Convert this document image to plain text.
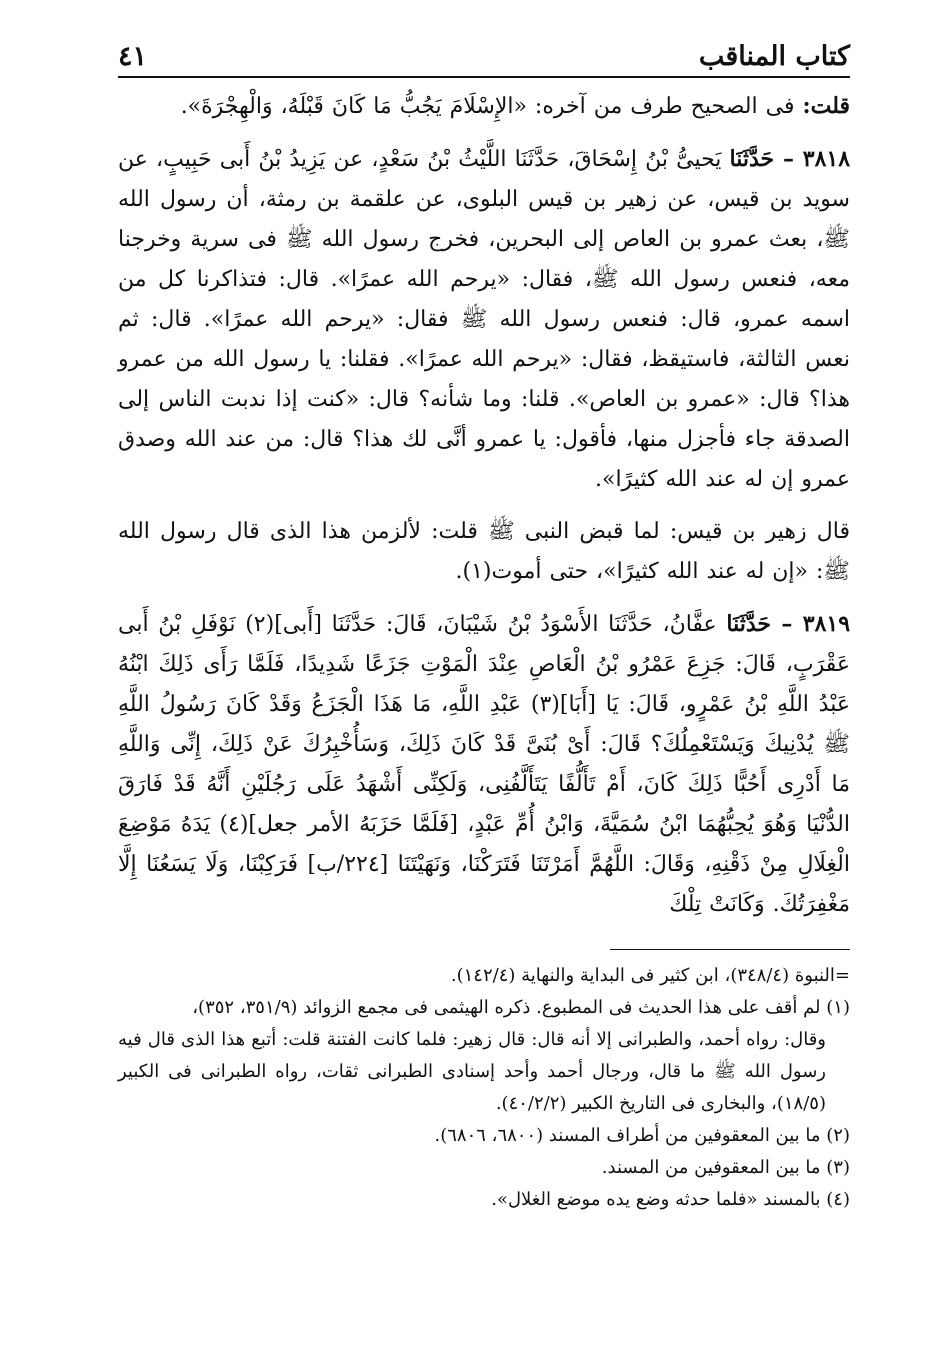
كتاب المناقب
٤١

قلت: فى الصحيح طرف من آخره: «الإِسْلَامَ يَجُبُّ مَا كَانَ قَبْلَهُ، وَالْهِجْرَةَ».

٣٨١٨ – حَدَّثَنَا يَحيىُّ بْنُ إِسْحَاقَ، حَدَّثَنَا اللَّيْثُ بْنُ سَعْدٍ، عن يَزِيدُ بْنُ أَبى حَبِيبٍ، عن سويد بن قيس، عن زهير بن قيس البلوى، عن علقمة بن رمثة، أن رسول الله ﷺ، بعث عمرو بن العاص إلى البحرين، فخرج رسول الله ﷺ فى سرية وخرجنا معه، فنعس رسول الله ﷺ، فقال: «يرحم الله عمرًا». قال: فتذاكرنا كل من اسمه عمرو، قال: فنعس رسول الله ﷺ فقال: «يرحم الله عمرًا». قال: ثم نعس الثالثة، فاستيقظ، فقال: «يرحم الله عمرًا». فقلنا: يا رسول الله من عمرو هذا؟ قال: «عمرو بن العاص». قلنا: وما شأنه؟ قال: «كنت إذا ندبت الناس إلى الصدقة جاء فأجزل منها، فأقول: يا عمرو أنَّى لك هذا؟ قال: من عند الله وصدق عمرو إن له عند الله كثيرًا».

قال زهير بن قيس: لما قبض النبى ﷺ قلت: لألزمن هذا الذى قال رسول الله ﷺ: «إن له عند الله كثيرًا»، حتى أموت(١).

٣٨١٩ – حَدَّثَنَا عفَّانُ، حَدَّثَنَا الأَسْوَدُ بْنُ شَيْبَانَ، قَالَ: حَدَّثَنَا [أَبى](٢) نَوْفَلِ بْنُ أَبى عَقْرَبٍ، قَالَ: جَزِعَ عَمْرُو بْنُ الْعَاصِ عِنْدَ الْمَوْتِ جَزَعًا شَدِيدًا، فَلَمَّا رَأَى ذَلِكَ ابْنُهُ عَبْدُ اللَّهِ بْنُ عَمْرٍو، قَالَ: يَا [أَبَا](٣) عَبْدِ اللَّهِ، مَا هَذَا الْجَزَعُ وَقَدْ كَانَ رَسُولُ اللَّهِ ﷺ يُدْنِيكَ وَيَسْتَعْمِلُكَ؟ قَالَ: أَىْ بُنَىَّ قَدْ كَانَ ذَلِكَ، وَسَأُخْبِرُكَ عَنْ ذَلِكَ، إِنِّى وَاللَّهِ مَا أَدْرِى أَحُبًّا ذَلِكَ كَانَ، أَمْ تَأَلُّفًا يَتَأَلَّفُنِى، وَلَكِنِّى أَشْهَدُ عَلَى رَجُلَيْنِ أَنَّهُ قَدْ فَارَقَ الدُّنْيَا وَهُوَ يُحِبُّهُمَا ابْنُ سُمَيَّةَ، وَابْنُ أُمِّ عَبْدٍ، [فَلَمَّا حَزَبَهُ الأمر جعل](٤) يَدَهُ مَوْضِعَ الْغِلَالِ مِنْ ذَقْنِهِ، وَقَالَ: اللَّهُمَّ أَمَرْتَنَا فَتَرَكْنَا، وَنَهَيْتَنَا [٢٢٤/ب] فَرَكِبْنَا، وَلَا يَسَعُنَا إِلَّا مَغْفِرَتُكَ. وَكَانَتْ تِلْكَ

=النبوة (٣٤٨/٤)، ابن كثير فى البداية والنهاية (١٤٢/٤).

(١) لم أقف على هذا الحديث فى المطبوع. ذكره الهيثمى فى مجمع الزوائد (٣٥١/٩، ٣٥٢)،

وقال: رواه أحمد، والطبرانى إلا أنه قال: قال زهير: فلما كانت الفتنة قلت: أتبع هذا الذى قال فيه رسول الله ﷺ ما قال، ورجال أحمد وأحد إسنادى الطبرانى ثقات، رواه الطبرانى فى الكبير (١٨/٥)، والبخارى فى التاريخ الكبير (٤٠/٢/٢).

(٢) ما بين المعقوفين من أطراف المسند (٦٨٠٠، ٦٨٠٦).

(٣) ما بين المعقوفين من المسند.

(٤) بالمسند «فلما حدثه وضع يده موضع الغلال».
